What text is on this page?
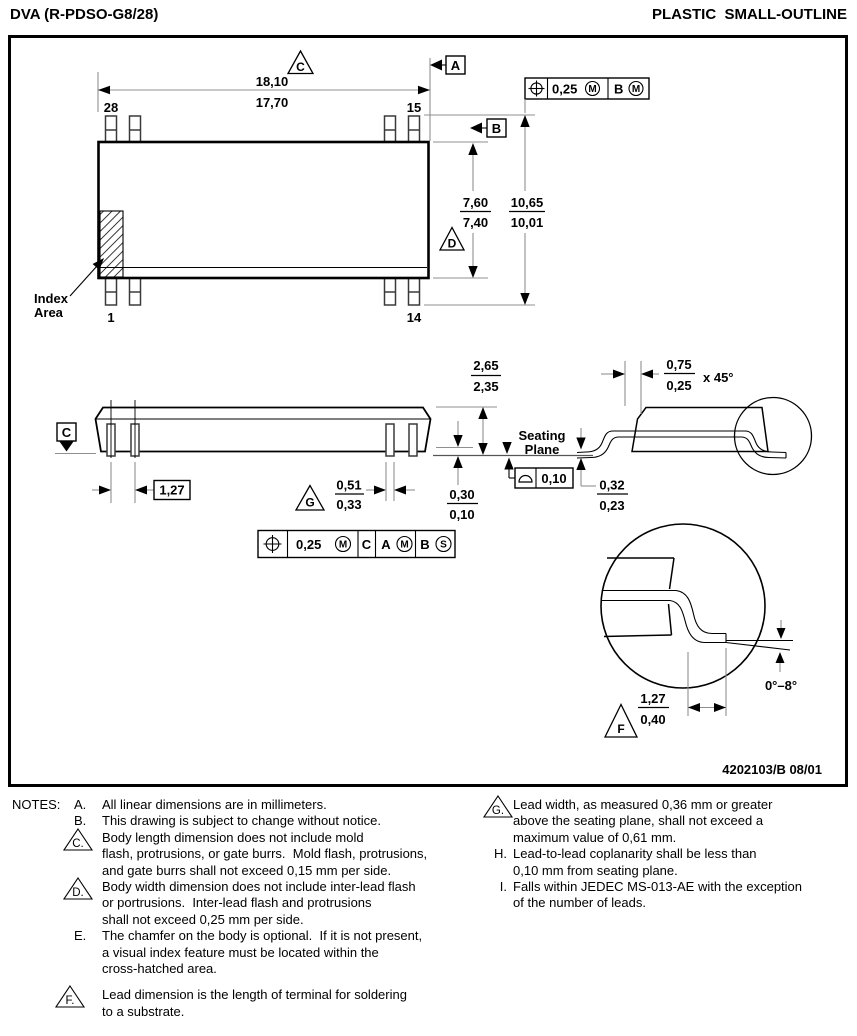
DVA (R-PDSO-G8/28)	PLASTIC  SMALL-OUTLINE
28	15
1	14
Index
Area
18,10
17,70
C	A
B
0,25 M B M
10,65
10,01
7,60
7,40
D
C
1,27
G
0,51
0,33
2,65
2,35
Seating
Plane
0,10
0,30
0,10
0,32
0,23
0,75
0,25
x 45°
0°–8°
1,27
0,40
F
0,25 M C A M B S
4202103/B 08/01
NOTES:	A.	All linear dimensions are in millimeters.
B.	This drawing is subject to change without notice.
C. Body length dimension does not include mold
flash, protrusions, or gate burrs.  Mold flash, protrusions,
and gate burrs shall not exceed 0,15 mm per side.
D. Body width dimension does not include inter-lead flash
or portrusions.  Inter-lead flash and protrusions
shall not exceed 0,25 mm per side.
E.	The chamfer on the body is optional.  If it is not present,
a visual index feature must be located within the
cross-hatched area.
F. Lead dimension is the length of terminal for soldering
to a substrate.
G. Lead width, as measured 0,36 mm or greater
above the seating plane, shall not exceed a
maximum value of 0,61 mm.
H. Lead-to-lead coplanarity shall be less than
0,10 mm from seating plane.
I. Falls within JEDEC MS-013-AE with the exception
of the number of leads.
